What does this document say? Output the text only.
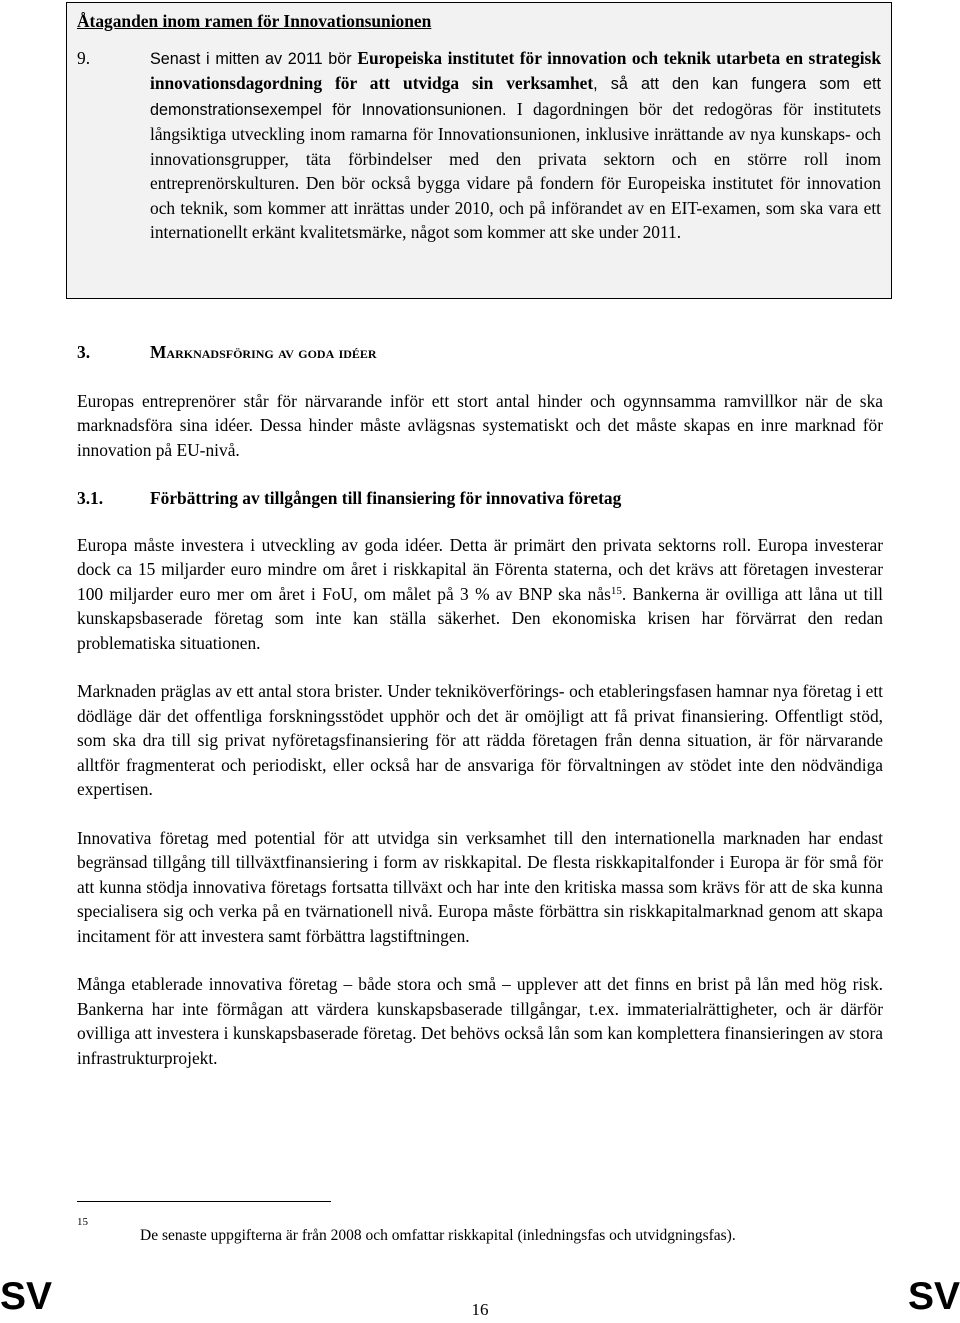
Åtaganden inom ramen för Innovationsunionen
9.	Senast i mitten av 2011 bör Europeiska institutet för innovation och teknik utarbeta en strategisk innovationsdagordning för att utvidga sin verksamhet, så att den kan fungera som ett demonstrationsexempel för Innovationsunionen. I dagordningen bör det redogöras för institutets långsiktiga utveckling inom ramarna för Innovationsunionen, inklusive inrättande av nya kunskaps- och innovationsgrupper, täta förbindelser med den privata sektorn och en större roll inom entreprenörskulturen. Den bör också bygga vidare på fondern för Europeiska institutet för innovation och teknik, som kommer att inrättas under 2010, och på införandet av en EIT-examen, som ska vara ett internationellt erkänt kvalitetsmärke, något som kommer att ske under 2011.
3.	Marknadsföring av goda idéer

Europas entreprenörer står för närvarande inför ett stort antal hinder och ogynnsamma ramvillkor när de ska marknadsföra sina idéer. Dessa hinder måste avlägsnas systematiskt och det måste skapas en inre marknad för innovation på EU-nivå.

3.1.	Förbättring av tillgången till finansiering för innovativa företag

Europa måste investera i utveckling av goda idéer. Detta är primärt den privata sektorns roll. Europa investerar dock ca 15 miljarder euro mindre om året i riskkapital än Förenta staterna, och det krävs att företagen investerar 100 miljarder euro mer om året i FoU, om målet på 3 % av BNP ska nås$^{15}$. Bankerna är ovilliga att låna ut till kunskapsbaserade företag som inte kan ställa säkerhet. Den ekonomiska krisen har förvärrat den redan problematiska situationen.

Marknaden präglas av ett antal stora brister. Under tekniköverförings- och etableringsfasen hamnar nya företag i ett dödläge där det offentliga forskningsstödet upphör och det är omöjligt att få privat finansiering. Offentligt stöd, som ska dra till sig privat nyföretagsfinansiering för att rädda företagen från denna situation, är för närvarande alltför fragmenterat och periodiskt, eller också har de ansvariga för förvaltningen av stödet inte den nödvändiga expertisen.

Innovativa företag med potential för att utvidga sin verksamhet till den internationella marknaden har endast begränsad tillgång till tillväxtfinansiering i form av riskkapital. De flesta riskkapitalfonder i Europa är för små för att kunna stödja innovativa företags fortsatta tillväxt och har inte den kritiska massa som krävs för att de ska kunna specialisera sig och verka på en tvärnationell nivå. Europa måste förbättra sin riskkapitalmarknad genom att skapa incitament för att investera samt förbättra lagstiftningen.

Många etablerade innovativa företag – både stora och små – upplever att det finns en brist på lån med hög risk. Bankerna har inte förmågan att värdera kunskapsbaserade tillgångar, t.ex. immaterialrättigheter, och är därför ovilliga att investera i kunskapsbaserade företag. Det behövs också lån som kan komplettera finansieringen av stora infrastrukturprojekt.

15
De senaste uppgifterna är från 2008 och omfattar riskkapital (inledningsfas och utvidgningsfas).
SV	16	SV
